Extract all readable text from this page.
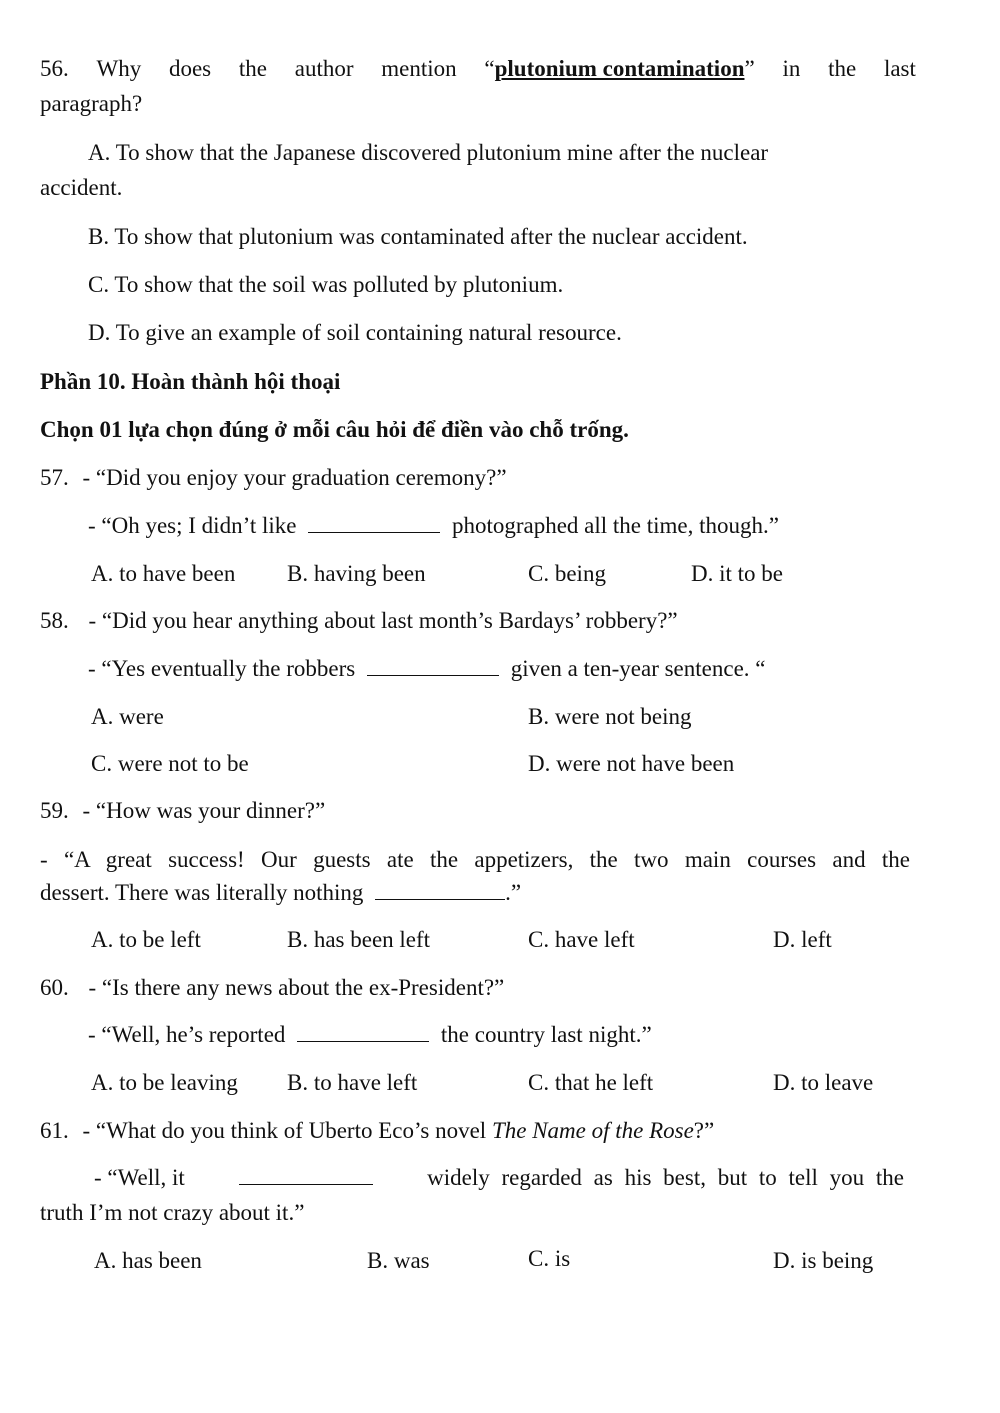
56. Why does the author mention “plutonium contamination” in the last
paragraph?
A. To show that the Japanese discovered plutonium mine after the nuclear
accident.
B. To show that plutonium was contaminated after the nuclear accident.
C. To show that the soil was polluted by plutonium.
D. To give an example of soil containing natural resource.
Phần 10. Hoàn thành hội thoại
Chọn 01 lựa chọn đúng ở mỗi câu hỏi để điền vào chỗ trống.
57. - “Did you enjoy your graduation ceremony?”
- “Oh yes; I didn’t like	photographed all the time, though.”
A. to have been B. having been	C. being	D. it to be
58. - “Did you hear anything about last month’s Bardays’ robbery?”
- “Yes eventually the robbers	given a ten-year sentence. “
A. were	B. were not being
C. were not to be	D. were not have been
59. - “How was your dinner?”
- “A great success! Our guests ate the appetizers, the two main courses and the
dessert. There was literally nothing	.”
A. to be left	B. has been left	C. have left	D. left
60. - “Is there any news about the ex-President?”
- “Well, he’s reported	the country last night.”
A. to be leaving B. to have left	C. that he left	D. to leave
61. - “What do you think of Uberto Eco’s novel The Name of the Rose?”
- “Well, it	widely regarded as his best, but to tell you the
truth I’m not crazy about it.”
A. has been	B. was	C. is	D. is being
